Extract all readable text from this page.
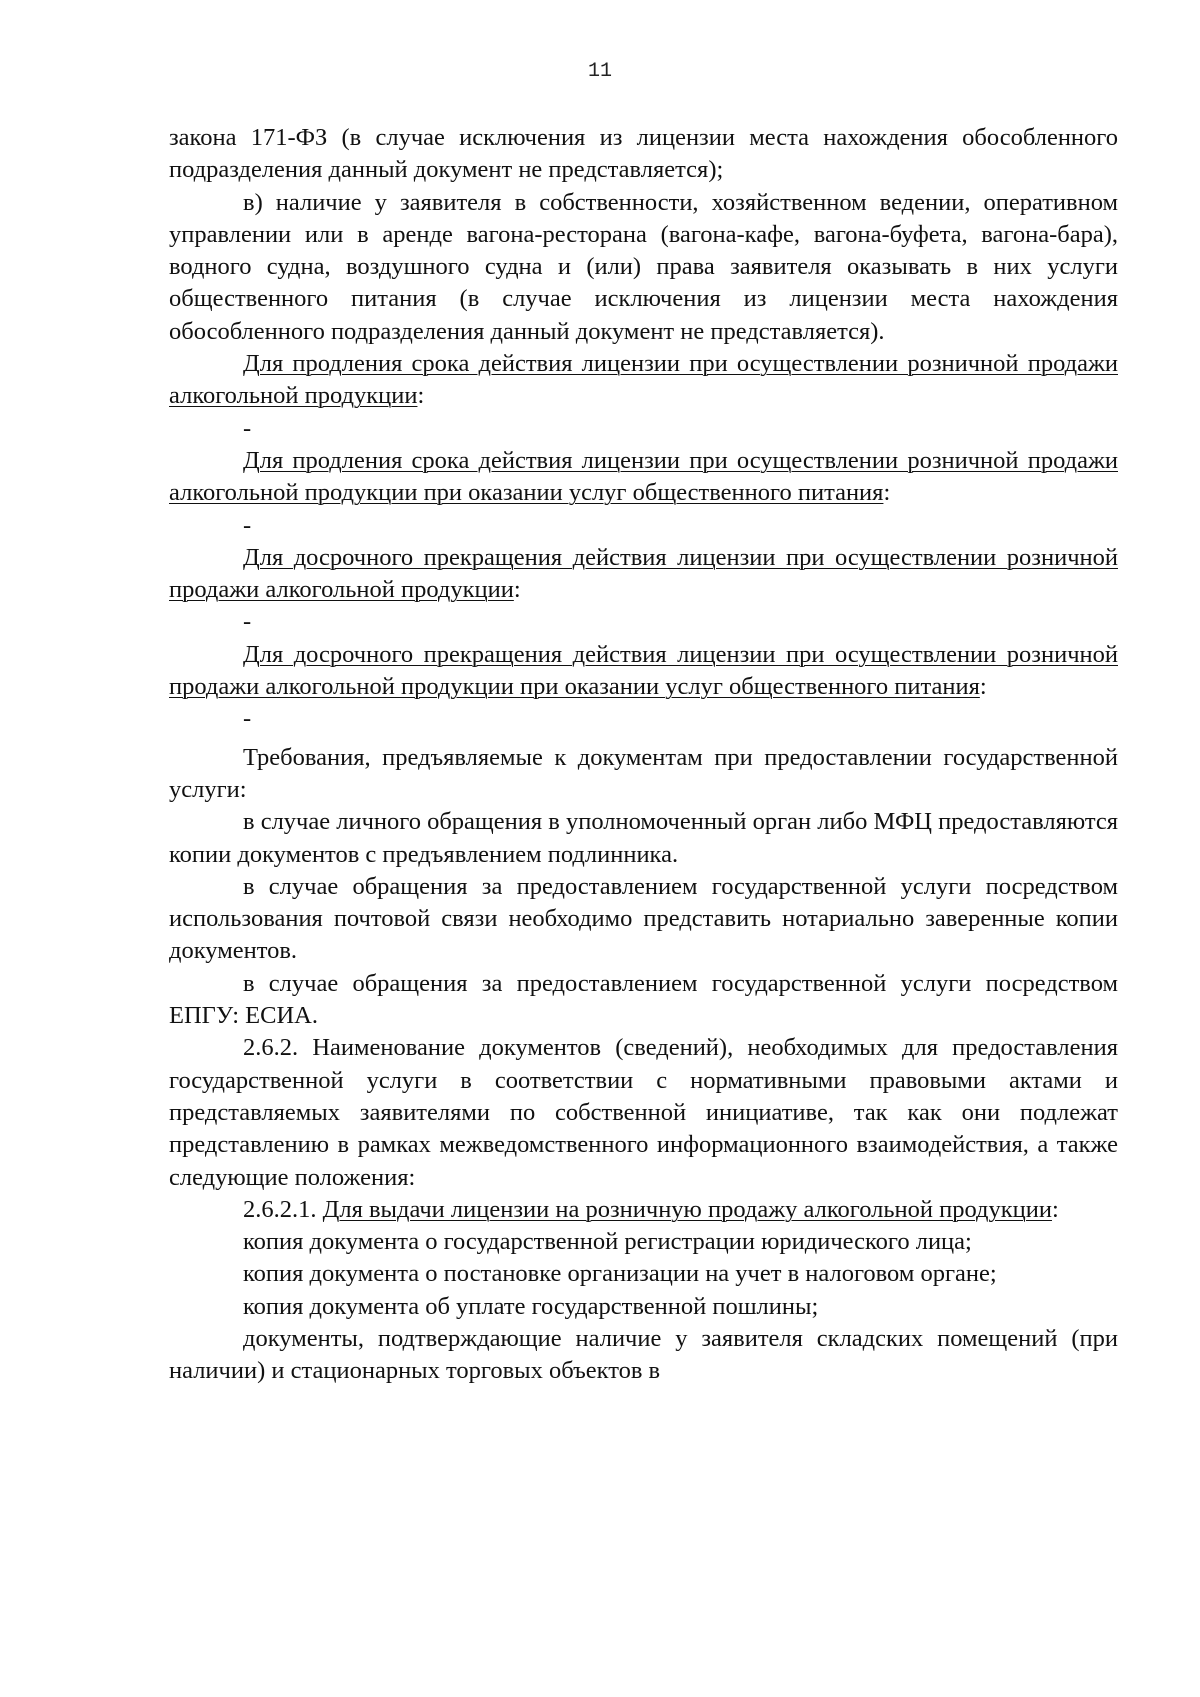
11

закона 171-ФЗ (в случае исключения из лицензии места нахождения обособленного подразделения данный документ не представляется);

в) наличие у заявителя в собственности, хозяйственном ведении, оперативном управлении или в аренде вагона-ресторана (вагона-кафе, вагона-буфета, вагона-бара), водного судна, воздушного судна и (или) права заявителя оказывать в них услуги общественного питания (в случае исключения из лицензии места нахождения обособленного подразделения данный документ не представляется).

Для продления срока действия лицензии при осуществлении розничной продажи алкогольной продукции:

-

Для продления срока действия лицензии при осуществлении розничной продажи алкогольной продукции при оказании услуг общественного питания:

-

Для досрочного прекращения действия лицензии при осуществлении розничной продажи алкогольной продукции:

-

Для досрочного прекращения действия лицензии при осуществлении розничной продажи алкогольной продукции при оказании услуг общественного питания:

-

Требования, предъявляемые к документам при предоставлении государственной услуги:

в случае личного обращения в уполномоченный орган либо МФЦ предоставляются копии документов с предъявлением подлинника.

в случае обращения за предоставлением государственной услуги посредством использования почтовой связи необходимо представить нотариально заверенные копии документов.

в случае обращения за предоставлением государственной услуги посредством ЕПГУ: ЕСИА.

2.6.2. Наименование документов (сведений), необходимых для предоставления государственной услуги в соответствии с нормативными правовыми актами и представляемых заявителями по собственной инициативе, так как они подлежат представлению в рамках межведомственного информационного взаимодействия, а также следующие положения:

2.6.2.1. Для выдачи лицензии на розничную продажу алкогольной продукции:

копия документа о государственной регистрации юридического лица;

копия документа о постановке организации на учет в налоговом органе;

копия документа об уплате государственной пошлины;

документы, подтверждающие наличие у заявителя складских помещений (при наличии) и стационарных торговых объектов в
